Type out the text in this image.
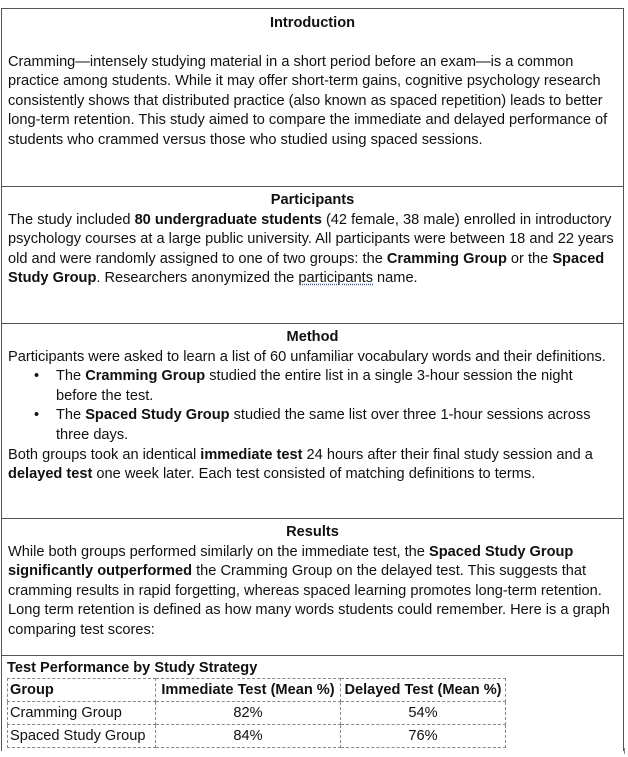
Introduction

Cramming—intensely studying material in a short period before an exam—is a common practice among students. While it may offer short-term gains, cognitive psychology research consistently shows that distributed practice (also known as spaced repetition) leads to better long-term retention. This study aimed to compare the immediate and delayed performance of students who crammed versus those who studied using spaced sessions.

Participants

The study included 80 undergraduate students (42 female, 38 male) enrolled in introductory psychology courses at a large public university. All participants were between 18 and 22 years old and were randomly assigned to one of two groups: the Cramming Group or the Spaced Study Group. Researchers anonymized the participants name.

Method

Participants were asked to learn a list of 60 unfamiliar vocabulary words and their definitions.

• The Cramming Group studied the entire list in a single 3-hour session the night before the test.
• The Spaced Study Group studied the same list over three 1-hour sessions across three days.

Both groups took an identical immediate test 24 hours after their final study session and a delayed test one week later. Each test consisted of matching definitions to terms.

Results

While both groups performed similarly on the immediate test, the Spaced Study Group significantly outperformed the Cramming Group on the delayed test. This suggests that cramming results in rapid forgetting, whereas spaced learning promotes long-term retention. Long term retention is defined as how many words students could remember. Here is a graph comparing test scores:

Test Performance by Study Strategy
Group	Immediate Test (Mean %)	Delayed Test (Mean %)
Cramming Group	82%	54%
Spaced Study Group	84%	76%
